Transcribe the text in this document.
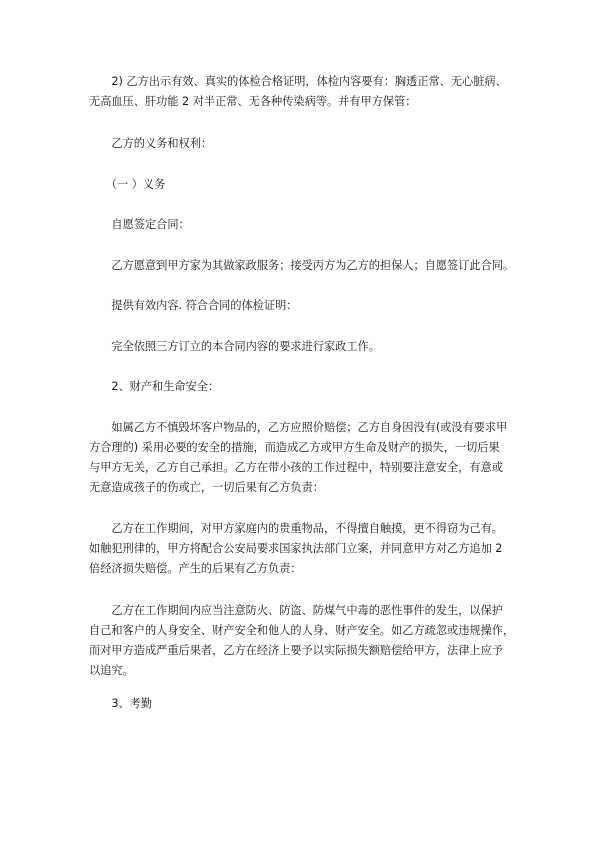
　　2) 乙方出示有效、真实的体检合格证明，体检内容要有：胸透正常、无心脏病、
无高血压、肝功能 2 对半正常、无各种传染病等。并有甲方保管：
　　乙方的义务和权利：
　　（一 ）义务
　　自愿签定合同：
　　乙方愿意到甲方家为其做家政服务；接受丙方为乙方的担保人；自愿签订此合同。
　　提供有效内容. 符合合同的体检证明：
　　完全依照三方订立的本合同内容的要求进行家政工作。
　　2、财产和生命安全：
　　如属乙方不慎毁坏客户物品的，乙方应照价赔偿；乙方自身因没有(或没有要求甲
方合理的) 采用必要的安全的措施，而造成乙方或甲方生命及财产的损失，一切后果
与甲方无关，乙方自己承担。乙方在带小孩的工作过程中，特别要注意安全，有意或
无意造成孩子的伤或亡，一切后果有乙方负责：
　　乙方在工作期间，对甲方家庭内的贵重物品，不得擅自触摸，更不得窃为己有。
如触犯刑律的，甲方将配合公安局要求国家执法部门立案，并同意甲方对乙方追加 2
倍经济损失赔偿。产生的后果有乙方负责：
　　乙方在工作期间内应当注意防火、防盗、防煤气中毒的恶性事件的发生，以保护
自己和客户的人身安全、财产安全和他人的人身、财产安全。如乙方疏忽或违规操作，
而对甲方造成严重后果者，乙方在经济上要予以实际损失额赔偿给甲方，法律上应予
以追究。
　　3、考勤
